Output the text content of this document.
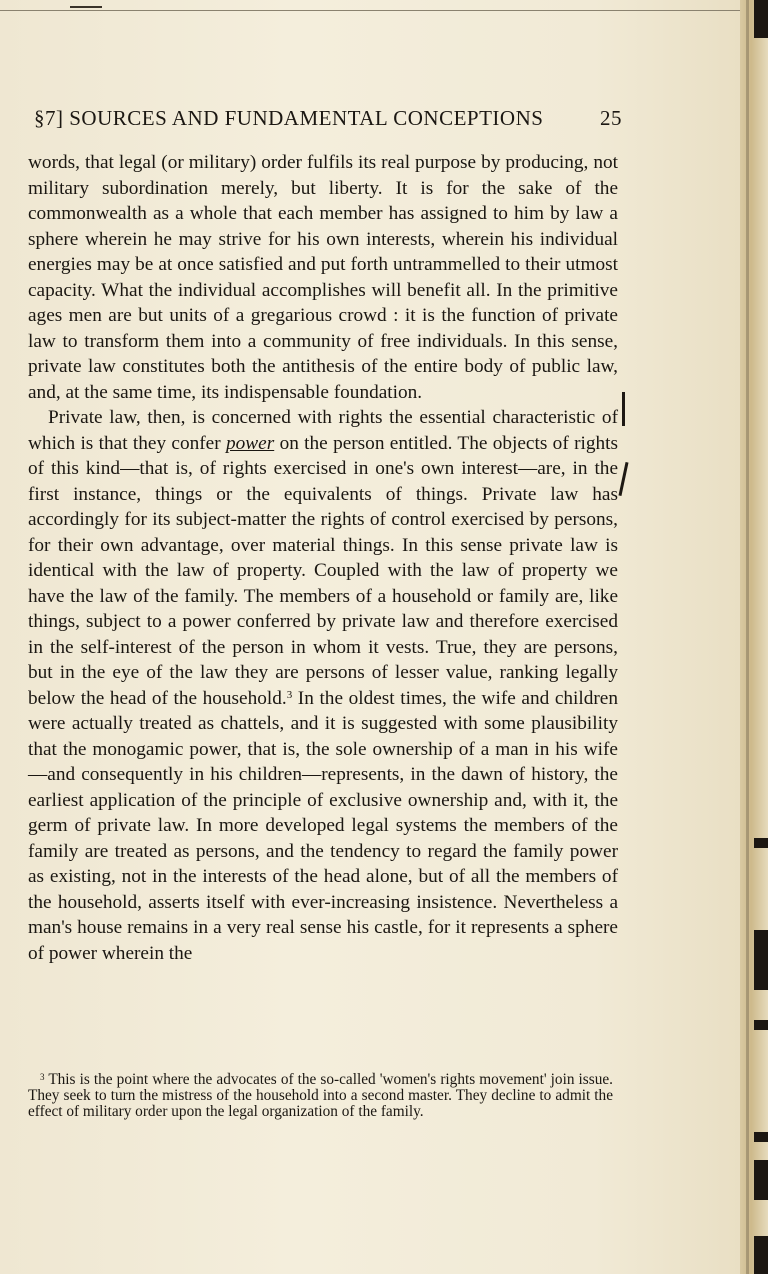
§7] SOURCES AND FUNDAMENTAL CONCEPTIONS	25

words, that legal (or military) order fulfils its real purpose by producing, not military subordination merely, but liberty. It is for the sake of the commonwealth as a whole that each member has assigned to him by law a sphere wherein he may strive for his own interests, wherein his individual energies may be at once satisfied and put forth untrammelled to their utmost capacity. What the individual accomplishes will benefit all. In the primitive ages men are but units of a gregarious crowd : it is the function of private law to transform them into a community of free individuals. In this sense, private law constitutes both the antithesis of the entire body of public law, and, at the same time, its indispensable foundation.

Private law, then, is concerned with rights the essential characteristic of which is that they confer power on the person entitled. The objects of rights of this kind—that is, of rights exercised in one's own interest—are, in the first instance, things or the equivalents of things. Private law has accordingly for its subject-matter the rights of control exercised by persons, for their own advantage, over material things. In this sense private law is identical with the law of property. Coupled with the law of property we have the law of the family. The members of a household or family are, like things, subject to a power conferred by private law and therefore exercised in the self-interest of the person in whom it vests. True, they are persons, but in the eye of the law they are persons of lesser value, ranking legally below the head of the household.$^3$ In the oldest times, the wife and children were actually treated as chattels, and it is suggested with some plausibility that the monogamic power, that is, the sole ownership of a man in his wife—and consequently in his children—represents, in the dawn of history, the earliest application of the principle of exclusive ownership and, with it, the germ of private law. In more developed legal systems the members of the family are treated as persons, and the tendency to regard the family power as existing, not in the interests of the head alone, but of all the members of the household, asserts itself with ever-increasing insistence. Nevertheless a man's house remains in a very real sense his castle, for it represents a sphere of power wherein the

$^3$ This is the point where the advocates of the so-called 'women's rights movement' join issue. They seek to turn the mistress of the household into a second master. They decline to admit the effect of military order upon the legal organization of the family.
